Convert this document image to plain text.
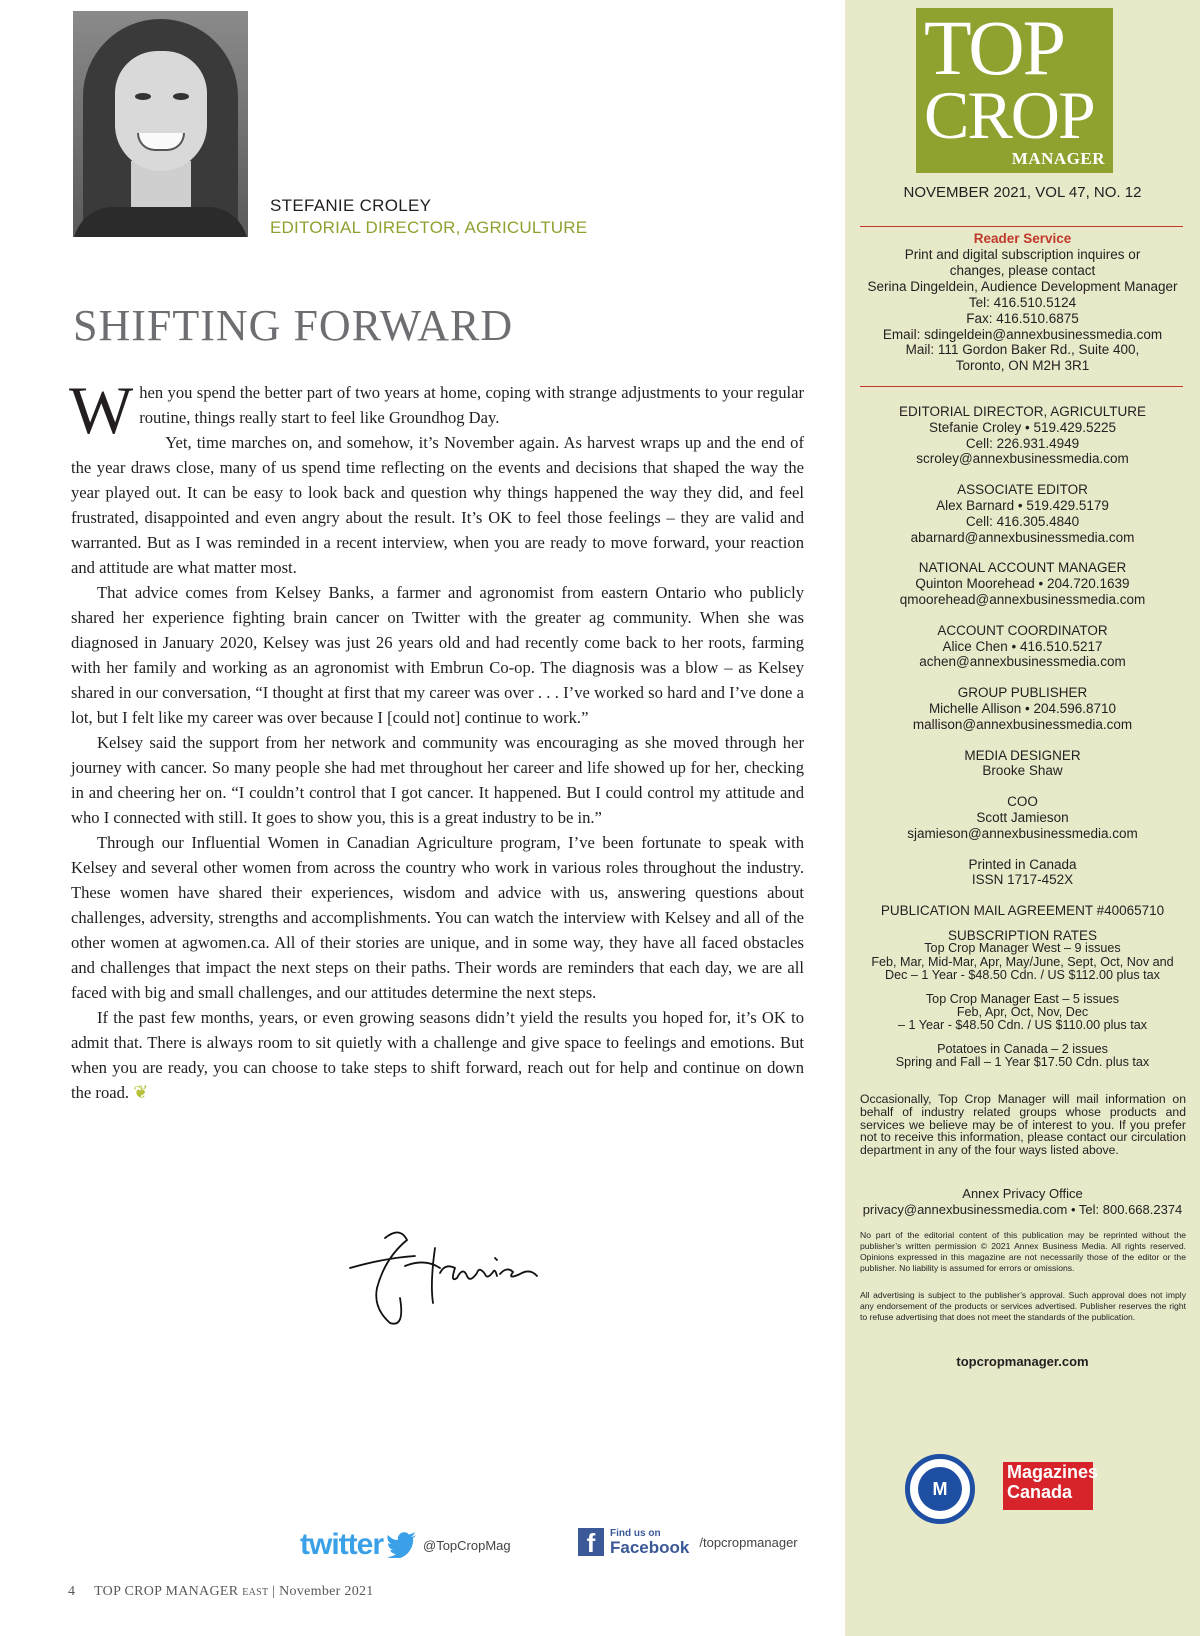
STEFANIE CROLEY
EDITORIAL DIRECTOR, AGRICULTURE
SHIFTING FORWARD

When you spend the better part of two years at home, coping with strange adjustments to your regular routine, things really start to feel like Groundhog Day.

Yet, time marches on, and somehow, it’s November again. As harvest wraps up and the end of the year draws close, many of us spend time reflecting on the events and decisions that shaped the way the year played out. It can be easy to look back and question why things happened the way they did, and feel frustrated, disappointed and even angry about the result. It’s OK to feel those feelings – they are valid and warranted. But as I was reminded in a recent interview, when you are ready to move forward, your reaction and attitude are what matter most.

That advice comes from Kelsey Banks, a farmer and agronomist from eastern Ontario who publicly shared her experience fighting brain cancer on Twitter with the greater ag community. When she was diagnosed in January 2020, Kelsey was just 26 years old and had recently come back to her roots, farming with her family and working as an agronomist with Embrun Co-op. The diagnosis was a blow – as Kelsey shared in our conversation, “I thought at first that my career was over . . . I’ve worked so hard and I’ve done a lot, but I felt like my career was over because I [could not] continue to work.”

Kelsey said the support from her network and community was encouraging as she moved through her journey with cancer. So many people she had met throughout her career and life showed up for her, checking in and cheering her on. “I couldn’t control that I got cancer. It happened. But I could control my attitude and who I connected with still. It goes to show you, this is a great industry to be in.”

Through our Influential Women in Canadian Agriculture program, I’ve been fortunate to speak with Kelsey and several other women from across the country who work in various roles throughout the industry. These women have shared their experiences, wisdom and advice with us, answering questions about challenges, adversity, strengths and accomplishments. You can watch the interview with Kelsey and all of the other women at agwomen.ca. All of their stories are unique, and in some way, they have all faced obstacles and challenges that impact the next steps on their paths. Their words are reminders that each day, we are all faced with big and small challenges, and our attitudes determine the next steps.

If the past few months, years, or even growing seasons didn’t yield the results you hoped for, it’s OK to admit that. There is always room to sit quietly with a challenge and give space to feelings and emotions. But when you are ready, you can choose to take steps to shift forward, reach out for help and continue on down the road. ❦

twitter	@TopCropMag	f	Find us on
Facebook /topcropmanager
4 TOP CROP MANAGER EAST | November 2021
TOP
CROP
MANAGER
NOVEMBER 2021, VOL 47, NO. 12
Reader Service
Print and digital subscription inquires or
changes, please contact
Serina Dingeldein, Audience Development Manager
Tel: 416.510.5124
Fax: 416.510.6875
Email: sdingeldein@annexbusinessmedia.com
Mail: 111 Gordon Baker Rd., Suite 400,
Toronto, ON M2H 3R1
EDITORIAL DIRECTOR, AGRICULTURE
Stefanie Croley • 519.429.5225
Cell: 226.931.4949
scroley@annexbusinessmedia.com
ASSOCIATE EDITOR
Alex Barnard • 519.429.5179
Cell: 416.305.4840
abarnard@annexbusinessmedia.com
NATIONAL ACCOUNT MANAGER
Quinton Moorehead • 204.720.1639
qmoorehead@annexbusinessmedia.com
ACCOUNT COORDINATOR
Alice Chen • 416.510.5217
achen@annexbusinessmedia.com
GROUP PUBLISHER
Michelle Allison • 204.596.8710
mallison@annexbusinessmedia.com
MEDIA DESIGNER
Brooke Shaw
COO
Scott Jamieson
sjamieson@annexbusinessmedia.com
Printed in Canada
ISSN 1717-452X
PUBLICATION MAIL AGREEMENT #40065710
SUBSCRIPTION RATES
Top Crop Manager West – 9 issues
Feb, Mar, Mid-Mar, Apr, May/June, Sept, Oct, Nov and
Dec – 1 Year - $48.50 Cdn. / US $112.00 plus tax
Top Crop Manager East – 5 issues
Feb, Apr, Oct, Nov, Dec
– 1 Year - $48.50 Cdn. / US $110.00 plus tax
Potatoes in Canada – 2 issues
Spring and Fall – 1 Year $17.50 Cdn. plus tax
Occasionally, Top Crop Manager will mail information on behalf of industry related groups whose products and services we believe may be of interest to you. If you prefer not to receive this information, please contact our circulation department in any of the four ways listed above.
Annex Privacy Office
privacy@annexbusinessmedia.com • Tel: 800.668.2374
No part of the editorial content of this publication may be reprinted without the publisher’s written permission © 2021 Annex Business Media. All rights reserved. Opinions expressed in this magazine are not necessarily those of the editor or the publisher. No liability is assumed for errors or omissions.
All advertising is subject to the publisher’s approval. Such approval does not imply any endorsement of the products or services advertised. Publisher reserves the right to refuse advertising that does not meet the standards of the publication.
topcropmanager.com
M
Magazines
Canada
